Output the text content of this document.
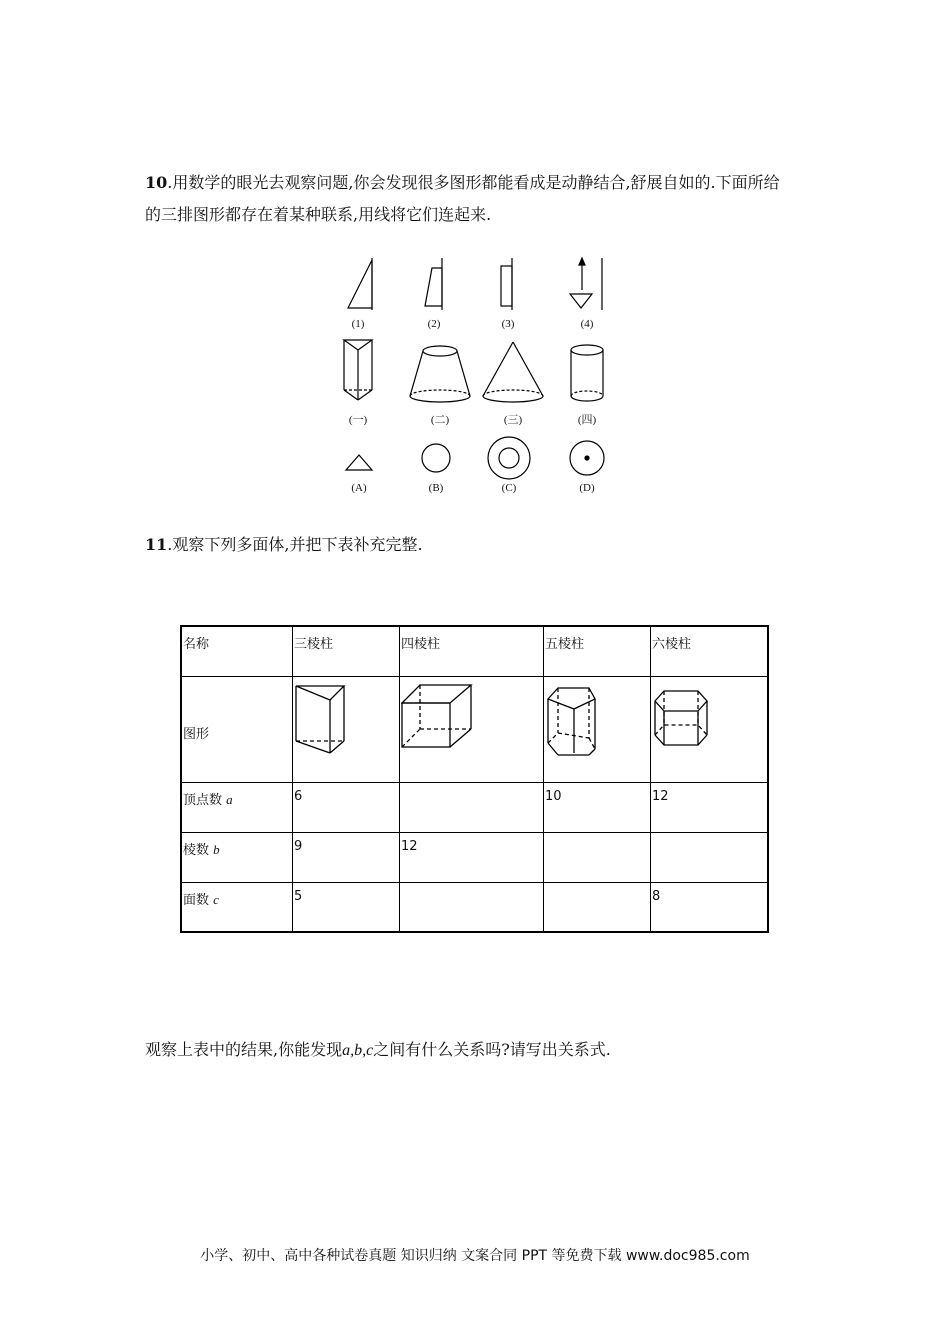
10.用数学的眼光去观察问题,你会发现很多图形都能看成是动静结合,舒展自如的.下面所给
的三排图形都存在着某种联系,用线将它们连起来.
(1)	(2)	(3)	(4)
(一)	(二)	(三)	(四)
(A)	(B)	(C)	(D)
11.观察下列多面体,并把下表补充完整.
名称	三棱柱	四棱柱	五棱柱	六棱柱
图形				
顶点数 a	6		10	12
棱数 b	9	12		
面数 c	5			8
观察上表中的结果,你能发现a,b,c之间有什么关系吗?请写出关系式.
小学、初中、高中各种试卷真题 知识归纳 文案合同 PPT 等免费下载 www.doc985.com
